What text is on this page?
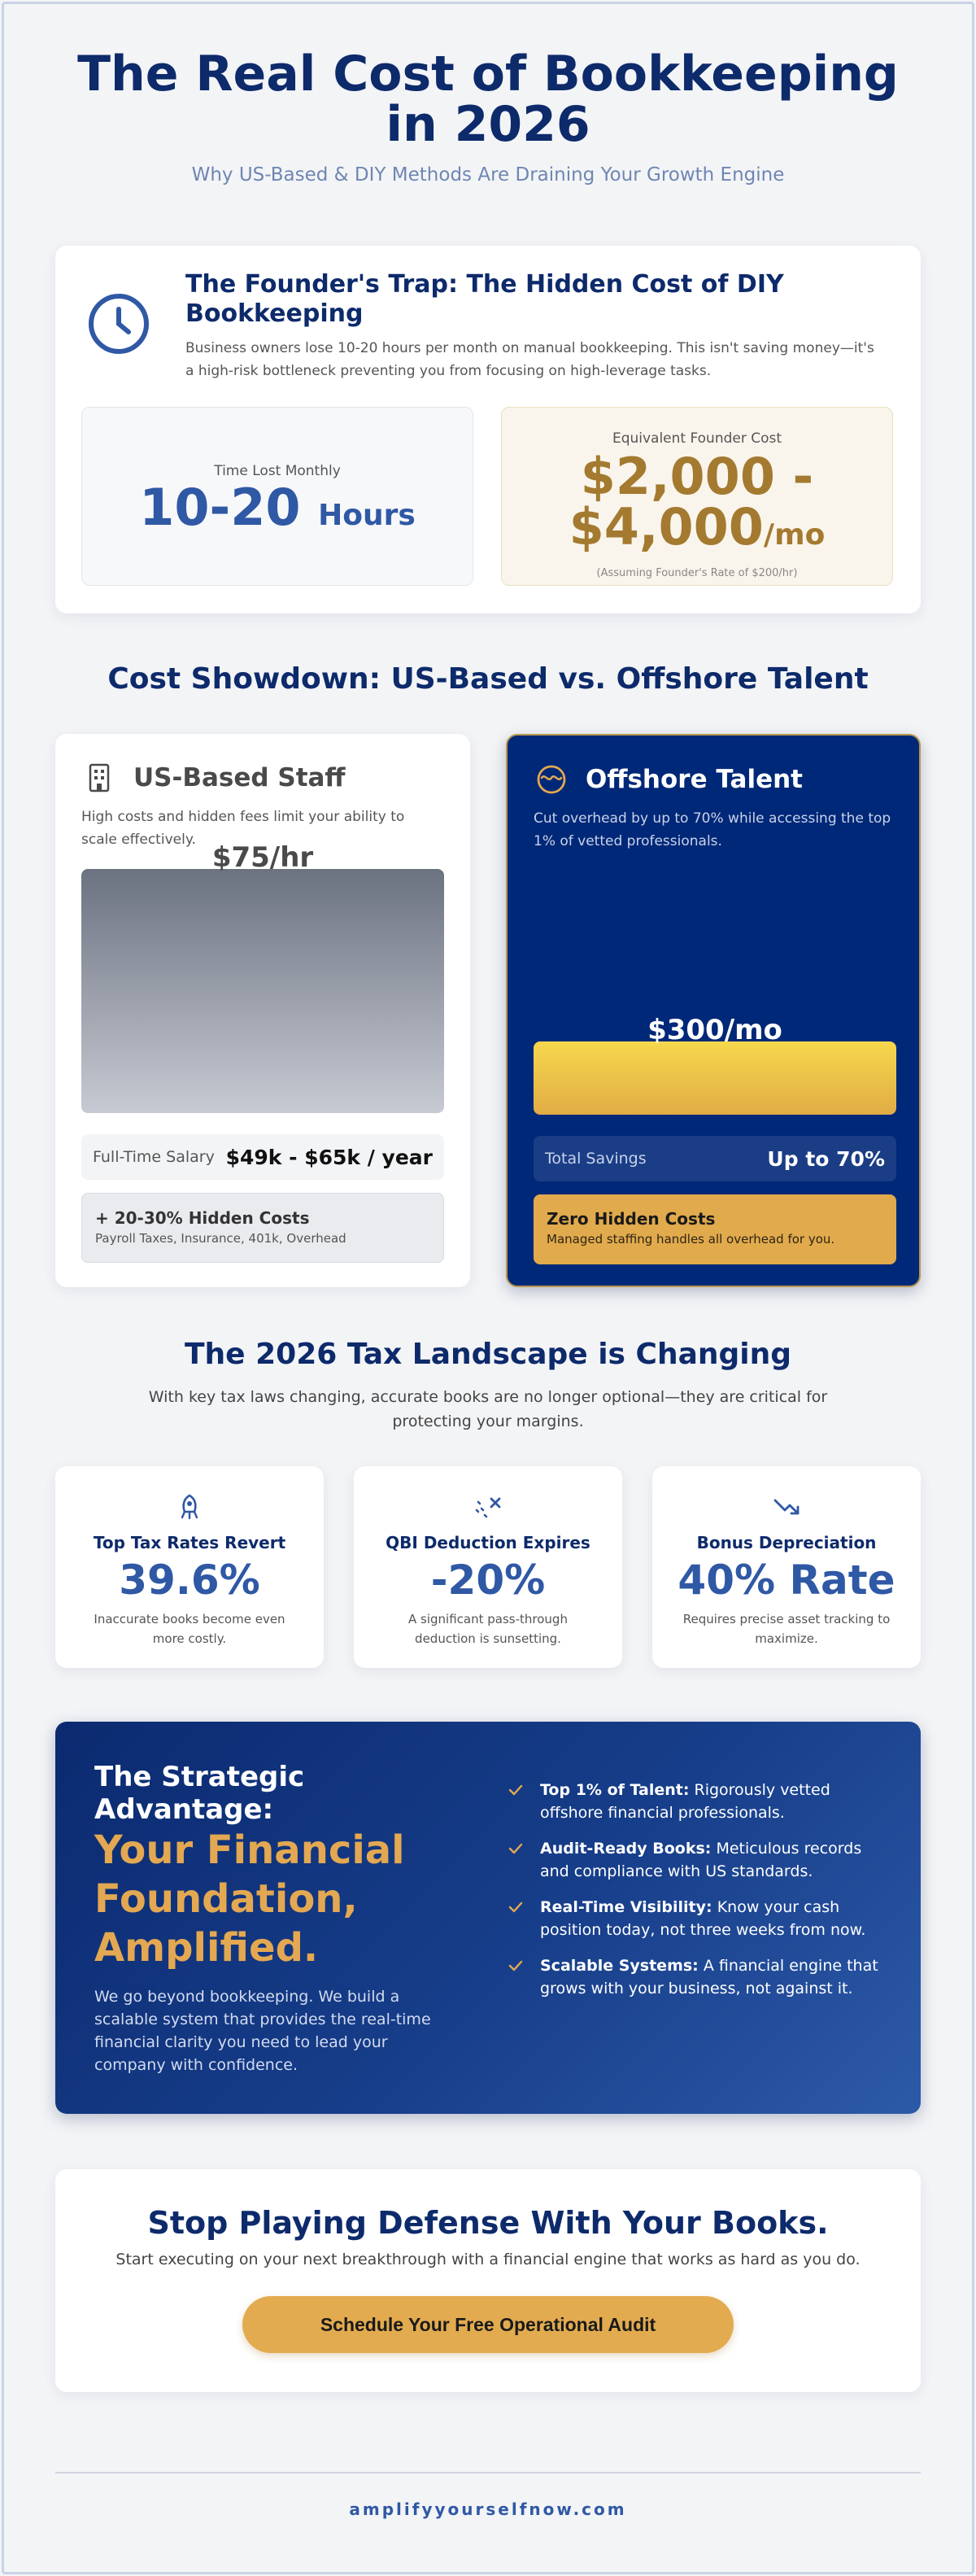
The Real Cost of Bookkeeping in 2026

Why US-Based & DIY Methods Are Draining Your Growth Engine

The Founder's Trap: The Hidden Cost of DIY Bookkeeping

Business owners lose 10-20 hours per month on manual bookkeeping. This isn't saving money—it's a high-risk bottleneck preventing you from focusing on high-leverage tasks.

Time Lost Monthly
10-20 Hours
Equivalent Founder Cost
$2,000 -
$4,000/mo
(Assuming Founder's Rate of $200/hr)
Cost Showdown: US-Based vs. Offshore Talent
US-Based Staff

High costs and hidden fees limit your ability to scale effectively.

$75/hr
Full-Time Salary $49k - $65k / year
+ 20-30% Hidden Costs
Payroll Taxes, Insurance, 401k, Overhead
Offshore Talent

Cut overhead by up to 70% while accessing the top 1% of vetted professionals.

$300/mo
Total Savings	Up to 70%
Zero Hidden Costs
Managed staffing handles all overhead for you.
The 2026 Tax Landscape is Changing

With key tax laws changing, accurate books are no longer optional—they are critical for protecting your margins.

Top Tax Rates Revert
39.6%
Inaccurate books become even more costly.
QBI Deduction Expires
-20%
A significant pass-through deduction is sunsetting.
Bonus Depreciation
40% Rate
Requires precise asset tracking to maximize.
The Strategic Advantage:
Your Financial Foundation, Amplified.

We go beyond bookkeeping. We build a scalable system that provides the real-time financial clarity you need to lead your company with confidence.

Top 1% of Talent: Rigorously vetted offshore financial professionals.
Audit-Ready Books: Meticulous records and compliance with US standards.
Real-Time Visibility: Know your cash position today, not three weeks from now.
Scalable Systems: A financial engine that grows with your business, not against it.
Stop Playing Defense With Your Books.

Start executing on your next breakthrough with a financial engine that works as hard as you do.

Schedule Your Free Operational Audit
amplifyyourselfnow.com
